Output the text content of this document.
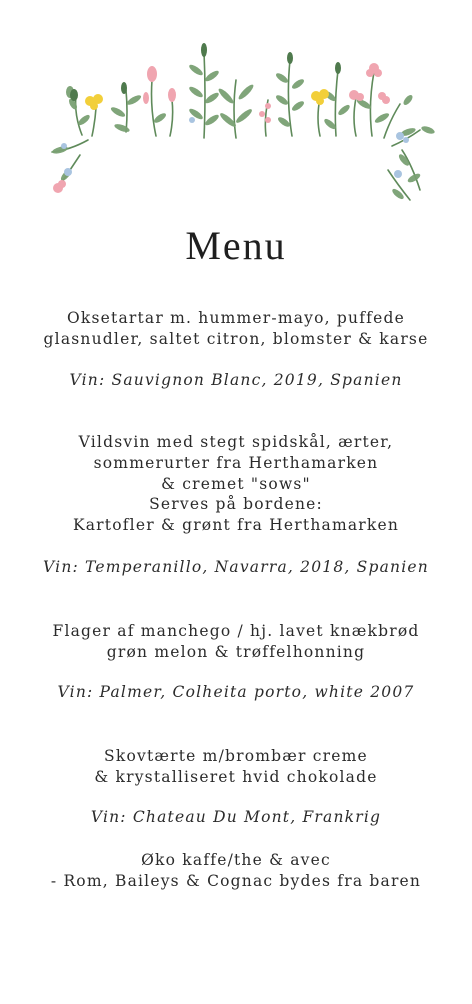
Menu
Oksetartar m. hummer-mayo, puffede
glasnudler, saltet citron, blomster & karse
Vin: Sauvignon Blanc, 2019, Spanien
Vildsvin med stegt spidskål, ærter,
sommerurter fra Herthamarken
& cremet "sows"
Serves på bordene:
Kartofler & grønt fra Herthamarken
Vin: Temperanillo, Navarra, 2018, Spanien
Flager af manchego / hj. lavet knækbrød
grøn melon & trøffelhonning
Vin: Palmer, Colheita porto, white 2007
Skovtærte m/brombær creme
& krystalliseret hvid chokolade
Vin: Chateau Du Mont, Frankrig
Øko kaffe/the & avec
- Rom, Baileys & Cognac bydes fra baren
